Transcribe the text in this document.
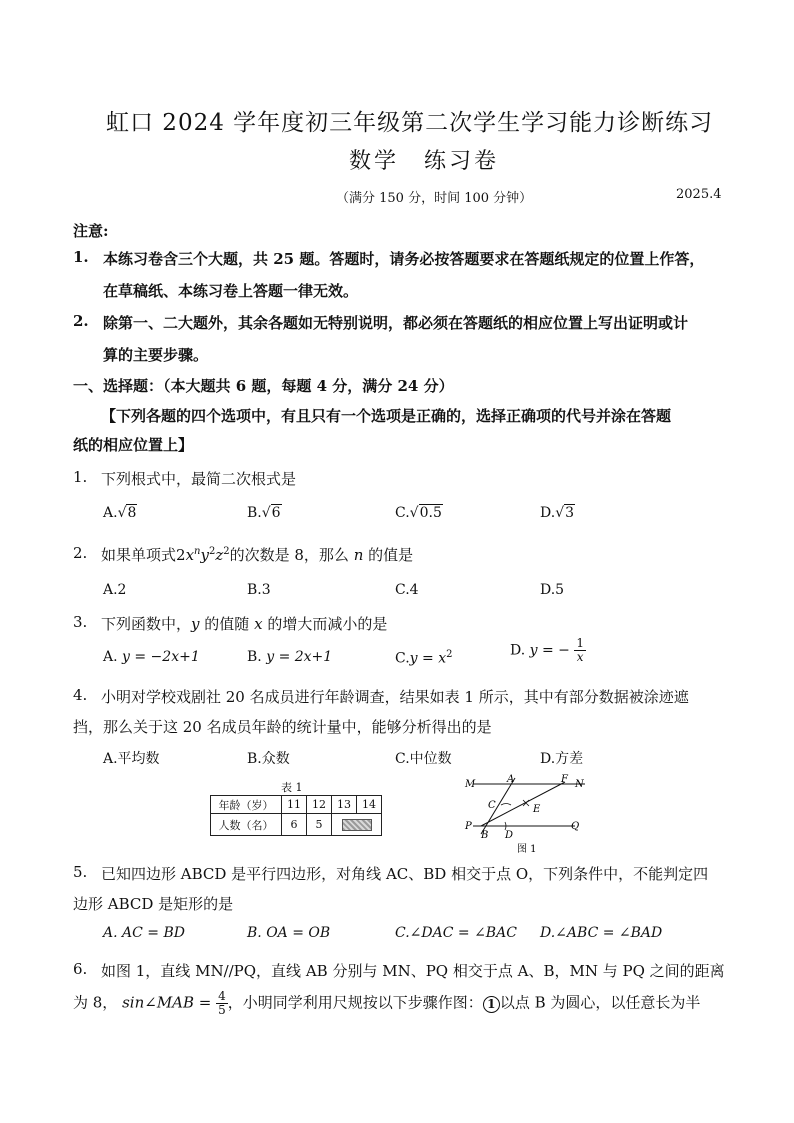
虹口 2024 学年度初三年级第二次学生学习能力诊断练习
数学　练习卷
（满分 150 分，时间 100 分钟）	2025.4
注意:
1. 本练习卷含三个大题，共 25 题。答题时，请务必按答题要求在答题纸规定的位置上作答，
在草稿纸、本练习卷上答题一律无效。
2. 除第一、二大题外，其余各题如无特别说明，都必须在答题纸的相应位置上写出证明或计
算的主要步骤。
一、选择题：（本大题共 6 题，每题 4 分，满分 24 分）
【下列各题的四个选项中，有且只有一个选项是正确的，选择正确项的代号并涂在答题
纸的相应位置上】
1. 下列根式中，最简二次根式是
A.√8	B.√6	C.√0.5	D.√3
2. 如果单项式$2x^ny^2z^2$的次数是 8，那么 n 的值是
A.2	B.3	C.4	D.5
3. 下列函数中，y 的值随 x 的增大而减小的是
A. y = −2x+1	B. y = 2x+1	$C.y = x^2$	D. y = − $\frac{1}{x}$
4. 小明对学校戏剧社 20 名成员进行年龄调查，结果如表 1 所示，其中有部分数据被涂迹遮
挡，那么关于这 20 名成员年龄的统计量中，能够分析得出的是
A.平均数	B.众数	C.中位数	D.方差
表 1
年龄（岁）	11	12	13	14
人数（名）	6	5		
M	A	F N
C	E
P
B D
Q
图 1
5. 已知四边形 ABCD 是平行四边形，对角线 AC、BD 相交于点 O，下列条件中，不能判定四
边形 ABCD 是矩形的是
A. AC = BD	B. OA = OB	C.∠DAC = ∠BAC D.∠ABC = ∠BAD
6. 如图 1，直线 MN//PQ，直线 AB 分别与 MN、PQ 相交于点 A、B，MN 与 PQ 之间的距离
为 8， sin∠MAB = $\frac{4}{5}$ ，小明同学利用尺规按以下步骤作图： 1 以点 B 为圆心，以任意长为半
